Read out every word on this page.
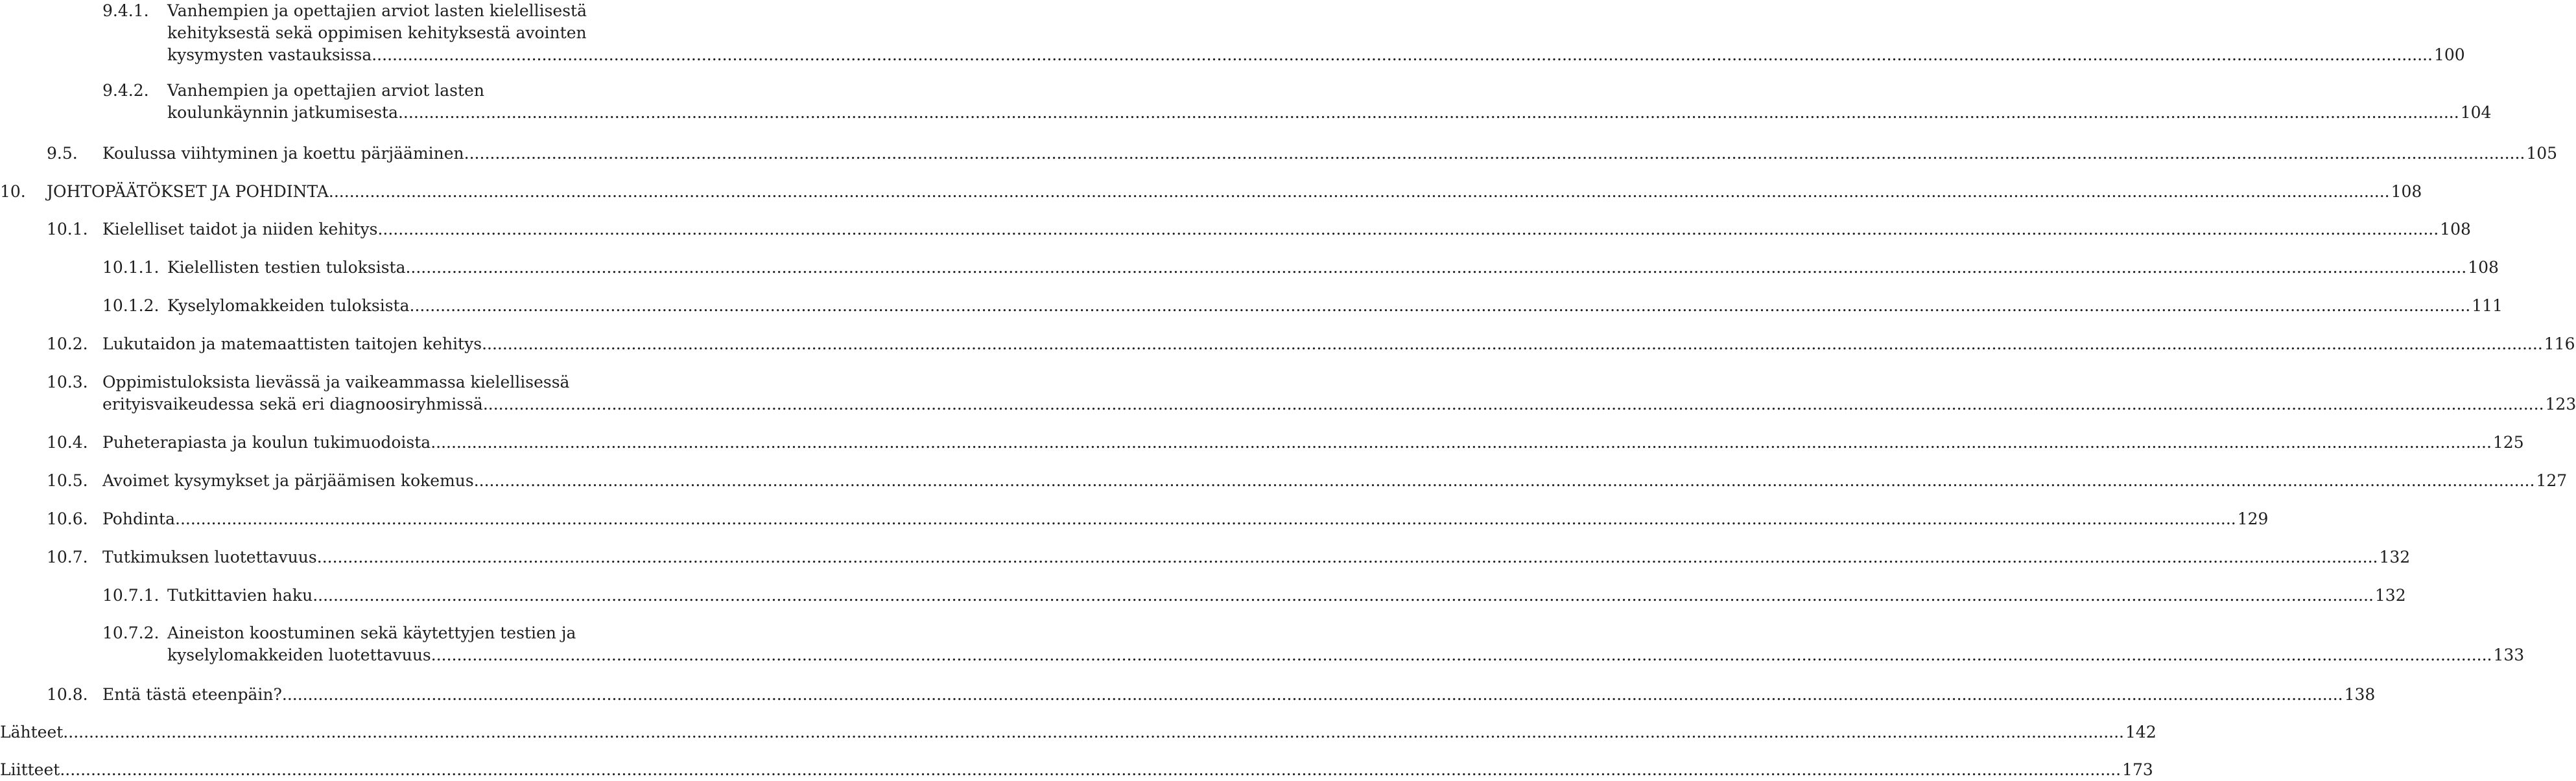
9.4.1. Vanhempien ja opettajien arviot lasten kielellisestä
kehityksestä sekä oppimisen kehityksestä avointen
kysymysten vastauksissa ................................................................................................................................................................................................................................................................................................................................................................................................................ 100
9.4.2. Vanhempien ja opettajien arviot lasten
koulunkäynnin jatkumisesta ................................................................................................................................................................................................................................................................................................................................................................................................................ 104
9.5. Koulussa viihtyminen ja koettu pärjääminen ................................................................................................................................................................................................................................................................................................................................................................................................................ 105
10. JOHTOPÄÄTÖKSET JA POHDINTA ................................................................................................................................................................................................................................................................................................................................................................................................................ 108
10.1. Kielelliset taidot ja niiden kehitys ................................................................................................................................................................................................................................................................................................................................................................................................................ 108
10.1.1. Kielellisten testien tuloksista ................................................................................................................................................................................................................................................................................................................................................................................................................ 108
10.1.2. Kyselylomakkeiden tuloksista ................................................................................................................................................................................................................................................................................................................................................................................................................ 111
10.2. Lukutaidon ja matemaattisten taitojen kehitys ................................................................................................................................................................................................................................................................................................................................................................................................................ 116
10.3. Oppimistuloksista lievässä ja vaikeammassa kielellisessä
erityisvaikeudessa sekä eri diagnoosiryhmissä ................................................................................................................................................................................................................................................................................................................................................................................................................ 123
10.4. Puheterapiasta ja koulun tukimuodoista ................................................................................................................................................................................................................................................................................................................................................................................................................ 125
10.5. Avoimet kysymykset ja pärjäämisen kokemus ................................................................................................................................................................................................................................................................................................................................................................................................................ 127
10.6. Pohdinta ................................................................................................................................................................................................................................................................................................................................................................................................................ 129
10.7. Tutkimuksen luotettavuus ................................................................................................................................................................................................................................................................................................................................................................................................................ 132
10.7.1. Tutkittavien haku ................................................................................................................................................................................................................................................................................................................................................................................................................ 132
10.7.2. Aineiston koostuminen sekä käytettyjen testien ja
kyselylomakkeiden luotettavuus ................................................................................................................................................................................................................................................................................................................................................................................................................ 133
10.8. Entä tästä eteenpäin? ................................................................................................................................................................................................................................................................................................................................................................................................................ 138
Lähteet ................................................................................................................................................................................................................................................................................................................................................................................................................ 142
Liitteet ................................................................................................................................................................................................................................................................................................................................................................................................................ 173
